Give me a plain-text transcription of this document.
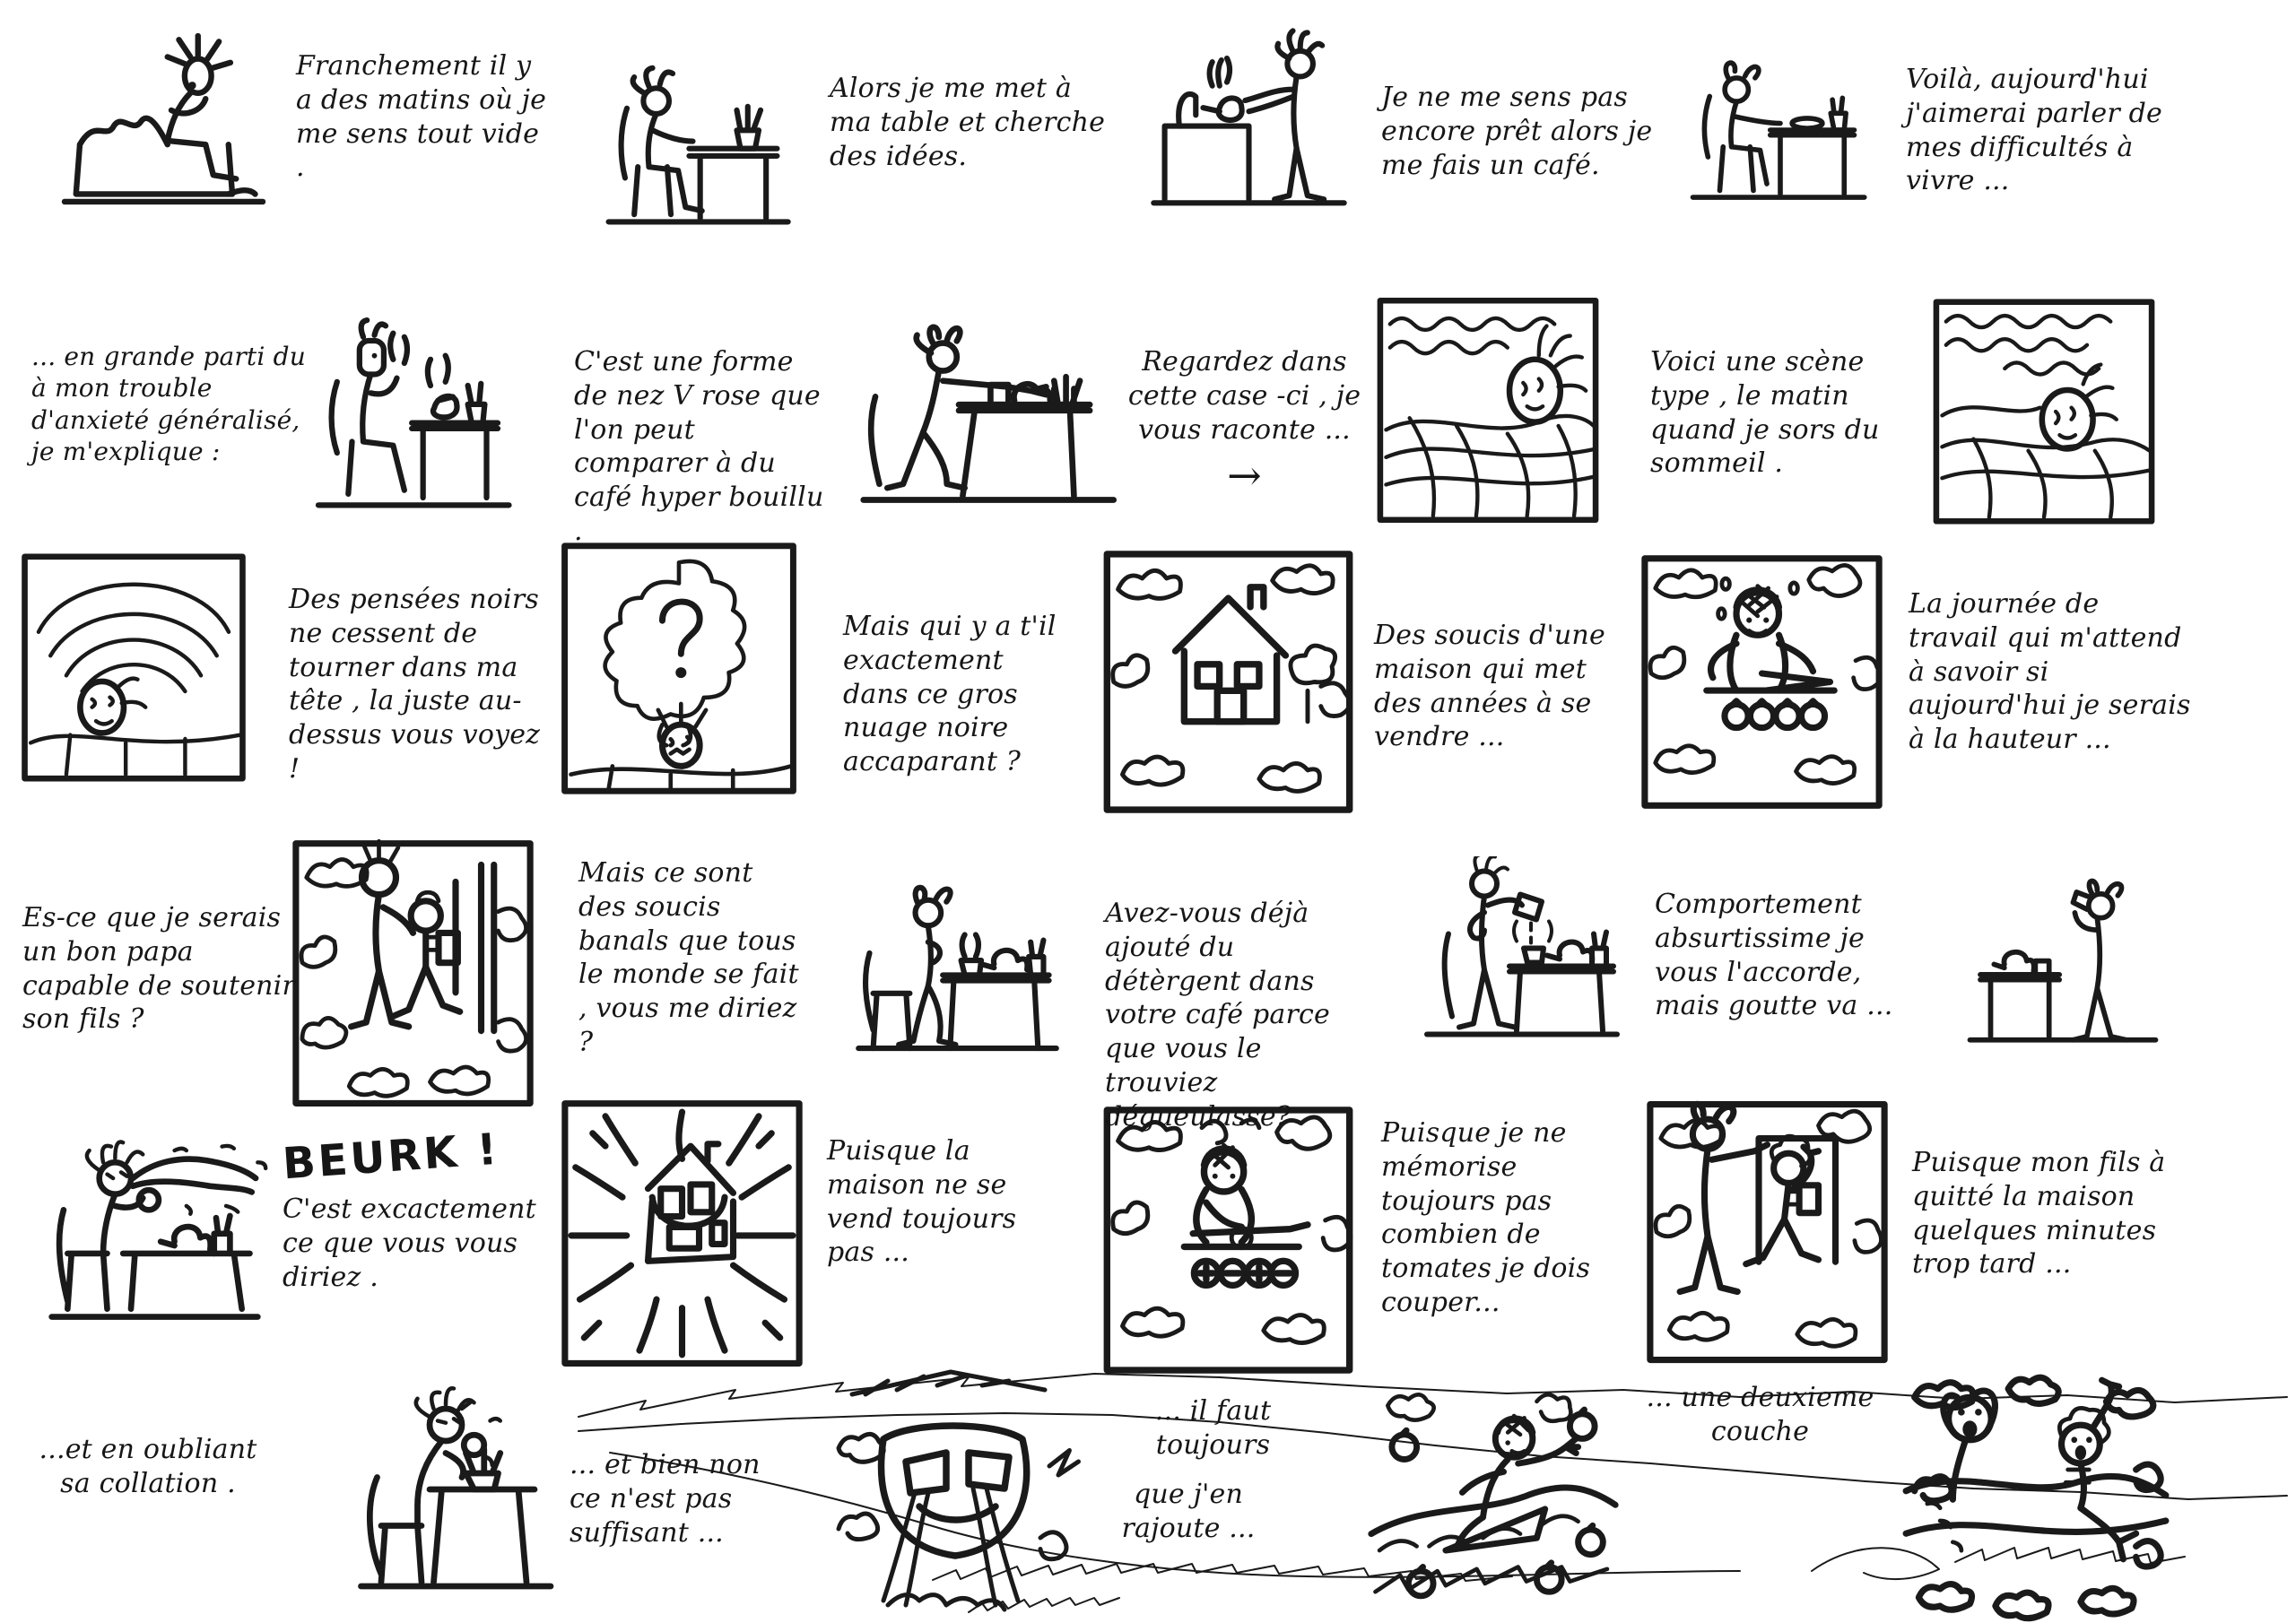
Franchement il y a des matins où je me sens tout vide .
Alors je me met à ma table et cherche des idées.
Je ne me sens pas encore prêt alors je me fais un café.
Voilà, aujourd'hui j'aimerai parler de mes difficultés à vivre ...
... en grande parti du à mon trouble d'anxieté généralisé, je m'explique :
C'est une forme de nez V rose que l'on peut comparer à du café hyper bouillu .
Regardez dans cette case -ci , je vous raconte ...
→
Voici une scène type , le matin quand je sors du sommeil .
Des pensées noirs ne cessent de tourner dans ma tête , la juste au-dessus vous voyez !
Mais qui y a t'il exactement dans ce gros nuage noire accaparant ?
Des soucis d'une maison qui met des années à se vendre ...
La journée de travail qui m'attend à savoir si aujourd'hui je serais à la hauteur ...
Es-ce que je serais un bon papa capable de soutenir son fils ?
Mais ce sont des soucis banals que tous le monde se fait , vous me diriez ?
Avez-vous déjà ajouté du détèrgent dans votre café parce que vous le trouviez dégueulasse?
Comportement absurtissime je vous l'accorde, mais goutte va ...
BEURK !C'est excactement ce que vous vous diriez .
Puisque la maison ne se vend toujours pas ...
Puisque je ne mémorise toujours pas combien de tomates je dois couper...
Puisque mon fils à quitté la maison quelques minutes trop tard ...
...et en oubliant sa collation .
... et bien non ce n'est pas suffisant ...
... il faut toujours
que j'en rajoute ...
... une deuxieme couche
